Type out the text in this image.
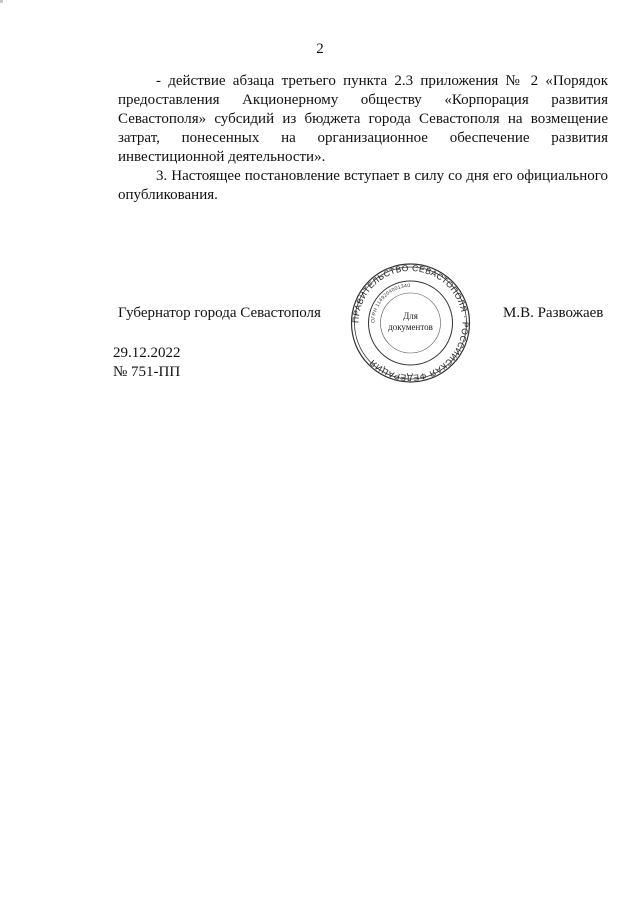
2

- действие абзаца третьего пункта 2.3 приложения № 2 «Порядок предоставления Акционерному обществу «Корпорация развития Севастополя» субсидий из бюджета города Севастополя на возмещение затрат, понесенных на организационное обеспечение развития инвестиционной деятельности».

3. Настоящее постановление вступает в силу со дня его официального опубликования.

Губернатор города Севастополя	М.В. Развожаев
ПРАВИТЕЛЬСТВО СЕВАСТОПОЛЯ · РОССИЙСКАЯ ФЕДЕРАЦИЯ
ОГРН 1149204001340
Для
документов
29.12.2022
№ 751-ПП
